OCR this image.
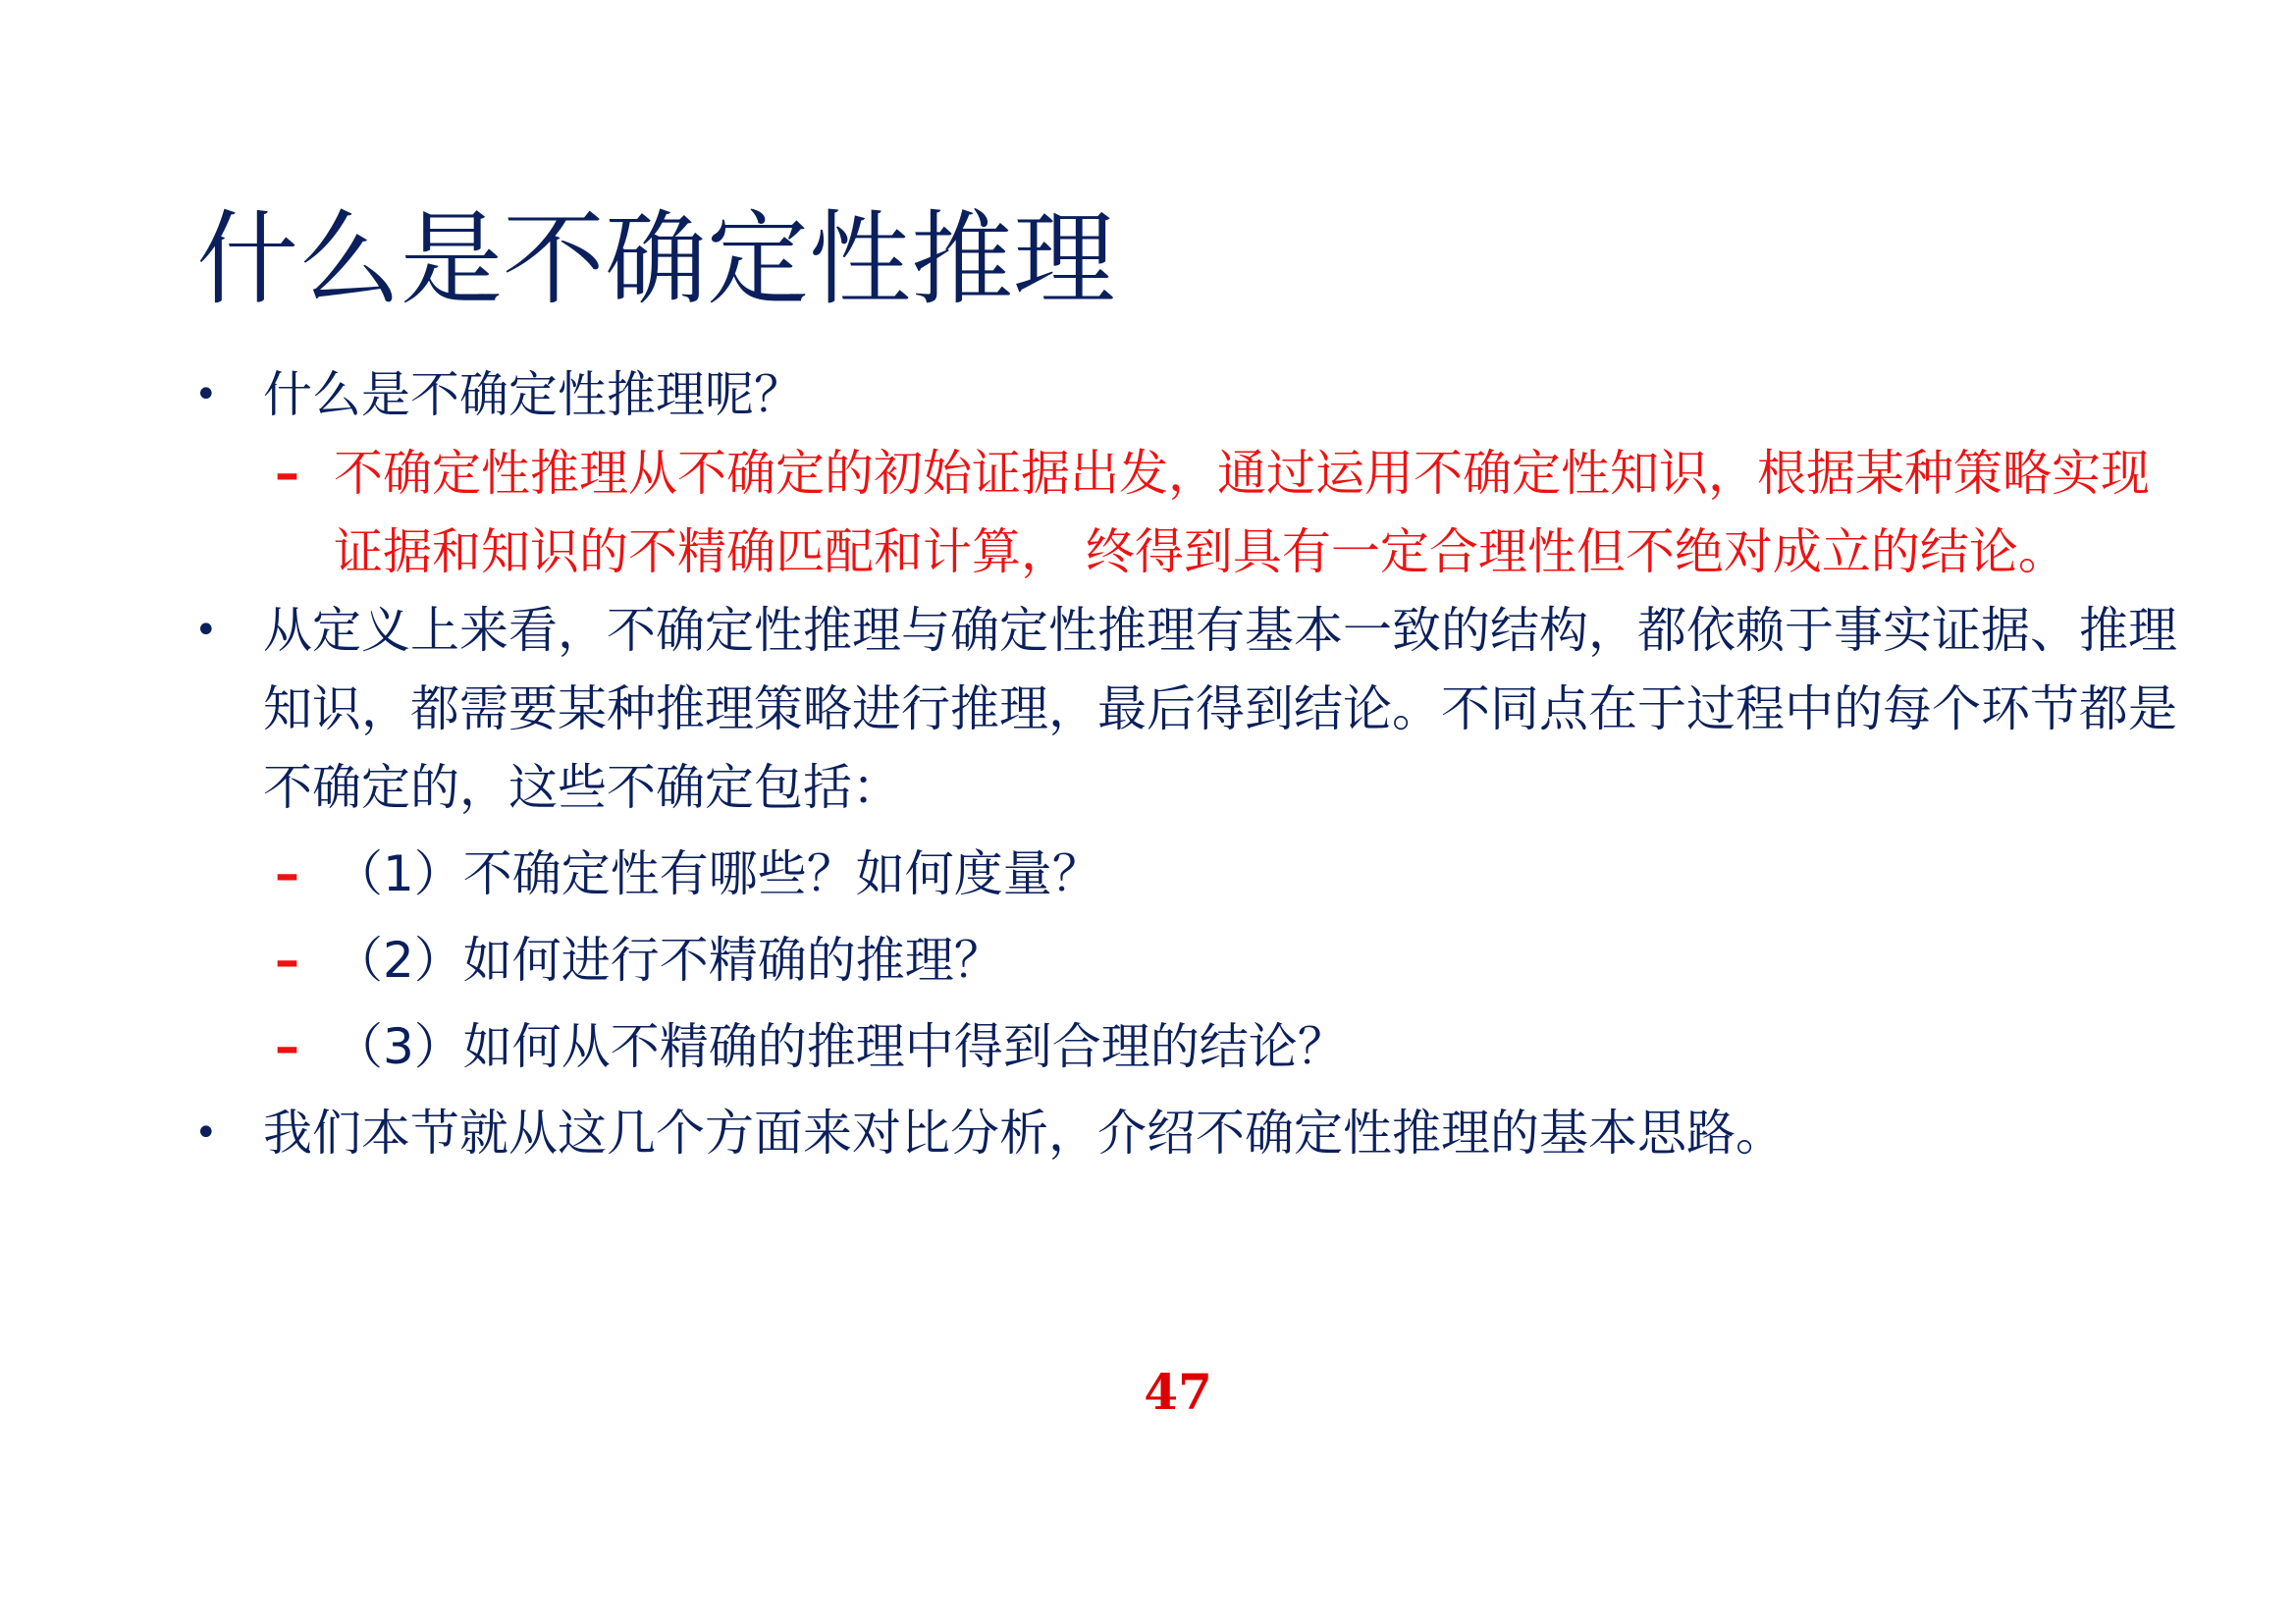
什么是不确定性推理
• 什么是不确定性推理呢？
– 不确定性推理从不确定的初始证据出发，通过运用不确定性知识，根据某种策略实现证据和知识的不精确匹配和计算， 终得到具有一定合理性但不绝对成立的结论。
• 从定义上来看，不确定性推理与确定性推理有基本一致的结构，都依赖于事实证据、推理知识，都需要某种推理策略进行推理，最后得到结论。不同点在于过程中的每个环节都是不确定的，这些不确定包括：
– （1）不确定性有哪些？如何度量？
– （2）如何进行不精确的推理？
– （3）如何从不精确的推理中得到合理的结论？
• 我们本节就从这几个方面来对比分析，介绍不确定性推理的基本思路。
47
